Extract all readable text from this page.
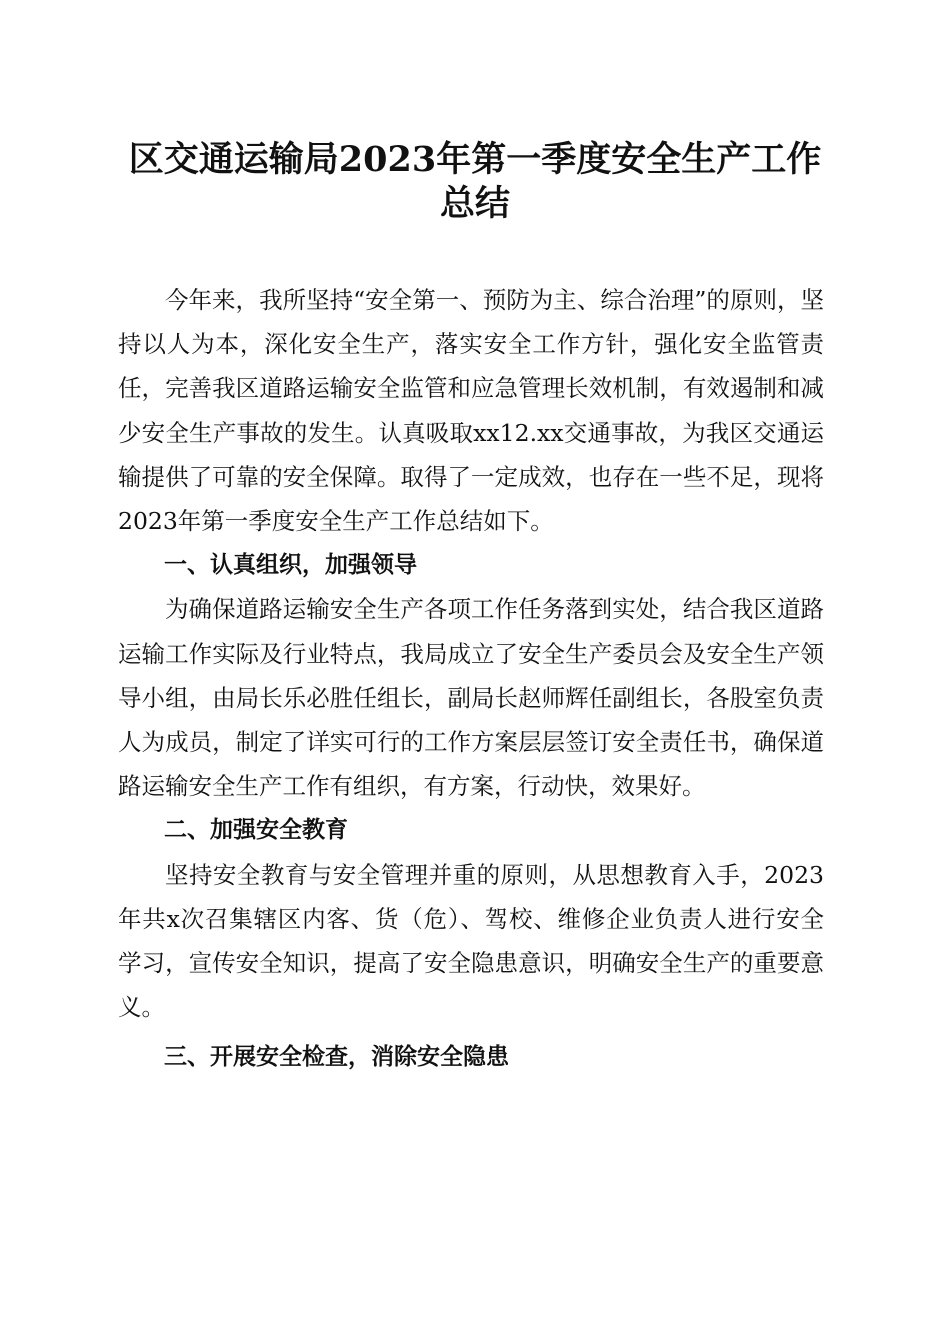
区交通运输局2023年第一季度安全生产工作
总结

今年来，我所坚持“安全第一、预防为主、综合治理”的原则，坚持以人为本，深化安全生产，落实安全工作方针，强化安全监管责任，完善我区道路运输安全监管和应急管理长效机制，有效遏制和减少安全生产事故的发生。认真吸取xx12.xx交通事故，为我区交通运输提供了可靠的安全保障。取得了一定成效，也存在一些不足，现将2023年第一季度安全生产工作总结如下。

一、认真组织，加强领导

为确保道路运输安全生产各项工作任务落到实处，结合我区道路运输工作实际及行业特点，我局成立了安全生产委员会及安全生产领导小组，由局长乐必胜任组长，副局长赵师辉任副组长，各股室负责人为成员，制定了详实可行的工作方案层层签订安全责任书，确保道路运输安全生产工作有组织，有方案，行动快，效果好。

二、加强安全教育

坚持安全教育与安全管理并重的原则，从思想教育入手，2023年共x次召集辖区内客、货（危）、驾校、维修企业负责人进行安全学习，宣传安全知识，提高了安全隐患意识，明确安全生产的重要意义。

三、开展安全检查，消除安全隐患
